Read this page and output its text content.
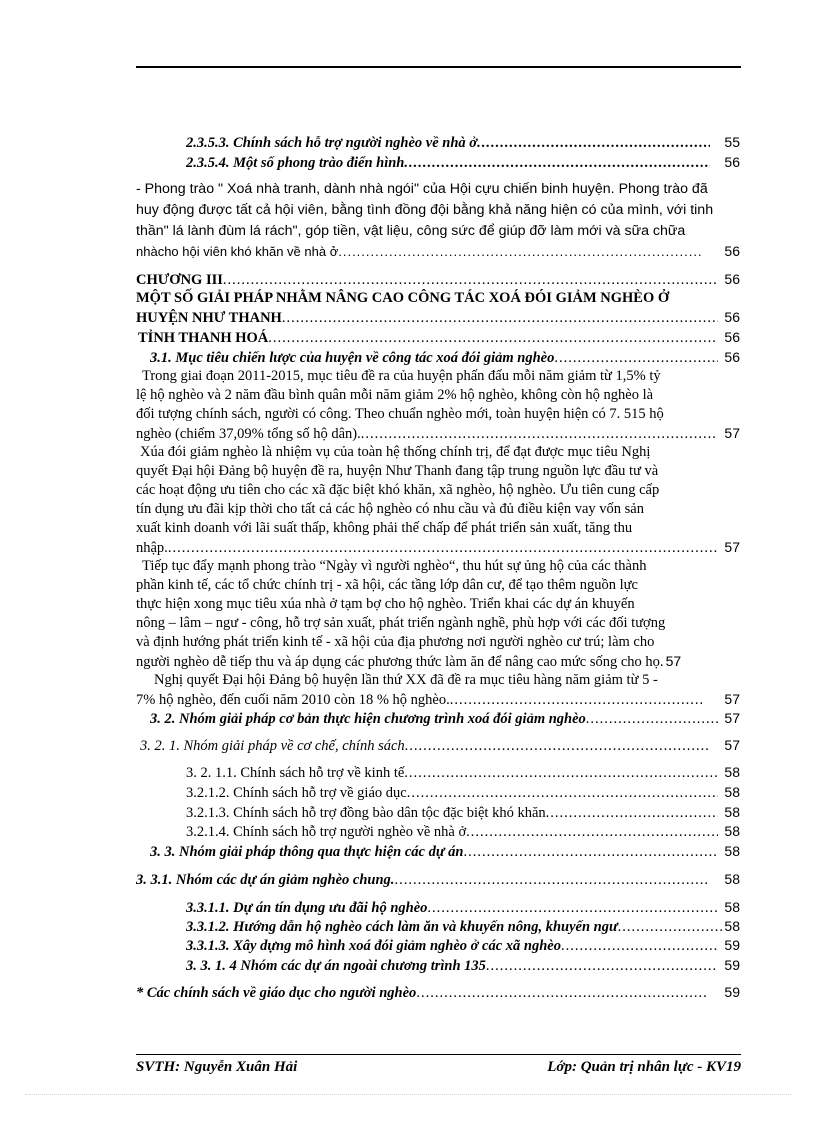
2.3.5.3. Chính sách hỗ trợ người nghèo về nhà ở .....	55
2.3.5.4. Một số phong trào điển hình .....	56
- Phong trào " Xoá nhà tranh, dành nhà ngói" của Hội cựu chiến binh huyện. Phong trào đã
huy động được tất cả hội viên, bằng tình đồng đội bằng khả năng hiện có của mình, với tinh
thần" lá lành đùm lá rách", góp tiền, vật liệu, công sức để giúp đỡ làm mới và sữa chữa
nhàcho hội viên khó khăn về nhà ở .....	56
CHƯƠNG III .....	56
MỘT SỐ GIẢI PHÁP NHẰM NÂNG CAO CÔNG TÁC XOÁ ĐÓI GIẢM NGHÈO Ở
HUYỆN NHƯ THANH .....	56
TỈNH THANH HOÁ .....	56
3.1. Mục tiêu chiến lược của huyện về công tác xoá đói giảm nghèo .....	56
Trong giai đoạn 2011-2015, mục tiêu đề ra của huyện phấn đấu mỗi năm giảm từ 1,5% tỷ
lệ hộ nghèo và 2 năm đầu bình quân mỗi năm giảm 2% hộ nghèo, không còn hộ nghèo là
đối tượng chính sách, người có công. Theo chuẩn nghèo mới, toàn huyện hiện có 7. 515 hộ
nghèo (chiếm 37,09% tổng số hộ dân). .....	57
Xúa đói giảm nghèo là nhiệm vụ của toàn hệ thống chính trị, để đạt được mục tiêu Nghị
quyết Đại hội Đảng bộ huyện đề ra, huyện Như Thanh đang tập trung nguồn lực đầu tư và
các hoạt động ưu tiên cho các xã đặc biệt khó khăn, xã nghèo, hộ nghèo. Ưu tiên cung cấp
tín dụng ưu đãi kịp thời cho tất cả các hộ nghèo có nhu cầu và đủ điều kiện vay vốn sản
xuất kinh doanh với lãi suất thấp, không phải thế chấp để phát triển sản xuất, tăng thu
nhập. .....	57
Tiếp tục đẩy mạnh phong trào “Ngày vì người nghèo“, thu hút sự ủng hộ của các thành
phần kinh tế, các tổ chức chính trị - xã hội, các tầng lớp dân cư, để tạo thêm nguồn lực
thực hiện xong mục tiêu xúa nhà ở tạm bợ cho hộ nghèo. Triển khai các dự án khuyến
nông – lâm – ngư - công, hỗ trợ sản xuất, phát triển ngành nghề, phù hợp với các đối tượng
và định hướng phát triển kinh tế - xã hội của địa phương nơi người nghèo cư trú; làm cho
người nghèo dễ tiếp thu và áp dụng các phương thức làm ăn để nâng cao mức sống cho họ. 57
Nghị quyết Đại hội Đảng bộ huyện lần thứ XX đã đề ra mục tiêu hàng năm giảm từ 5 -
7% hộ nghèo, đến cuối năm 2010 còn 18 % hộ nghèo. .....	57
3. 2. Nhóm giải pháp cơ bản thực hiện chương trình xoá đói giảm nghèo .....	57
3. 2. 1. Nhóm giải pháp về cơ chế, chính sách .....	57
3. 2. 1.1. Chính sách hỗ trợ về kinh tế .....	58
3.2.1.2. Chính sách hỗ trợ về giáo dục .....	58
3.2.1.3. Chính sách hỗ trợ đồng bào dân tộc đặc biệt khó khăn .....	58
3.2.1.4. Chính sách hỗ trợ người nghèo về nhà ở .....	58
3. 3. Nhóm giải pháp thông qua thực hiện các dự án .....	58
3. 3.1. Nhóm các dự án giảm nghèo chung. .....	58
3.3.1.1. Dự án tín dụng ưu đãi hộ nghèo .....	58
3.3.1.2. Hướng dẫn hộ nghèo cách làm ăn và khuyến nông, khuyến ngư .....	58
3.3.1.3. Xây dựng mô hình xoá đói giảm nghèo ở các xã nghèo .....	59
3. 3. 1. 4 Nhóm các dự án ngoài chương trình 135 .....	59
* Các chính sách về giáo dục cho người nghèo .....	59
SVTH: Nguyễn Xuân Hải	Lớp: Quản trị nhân lực - KV19
